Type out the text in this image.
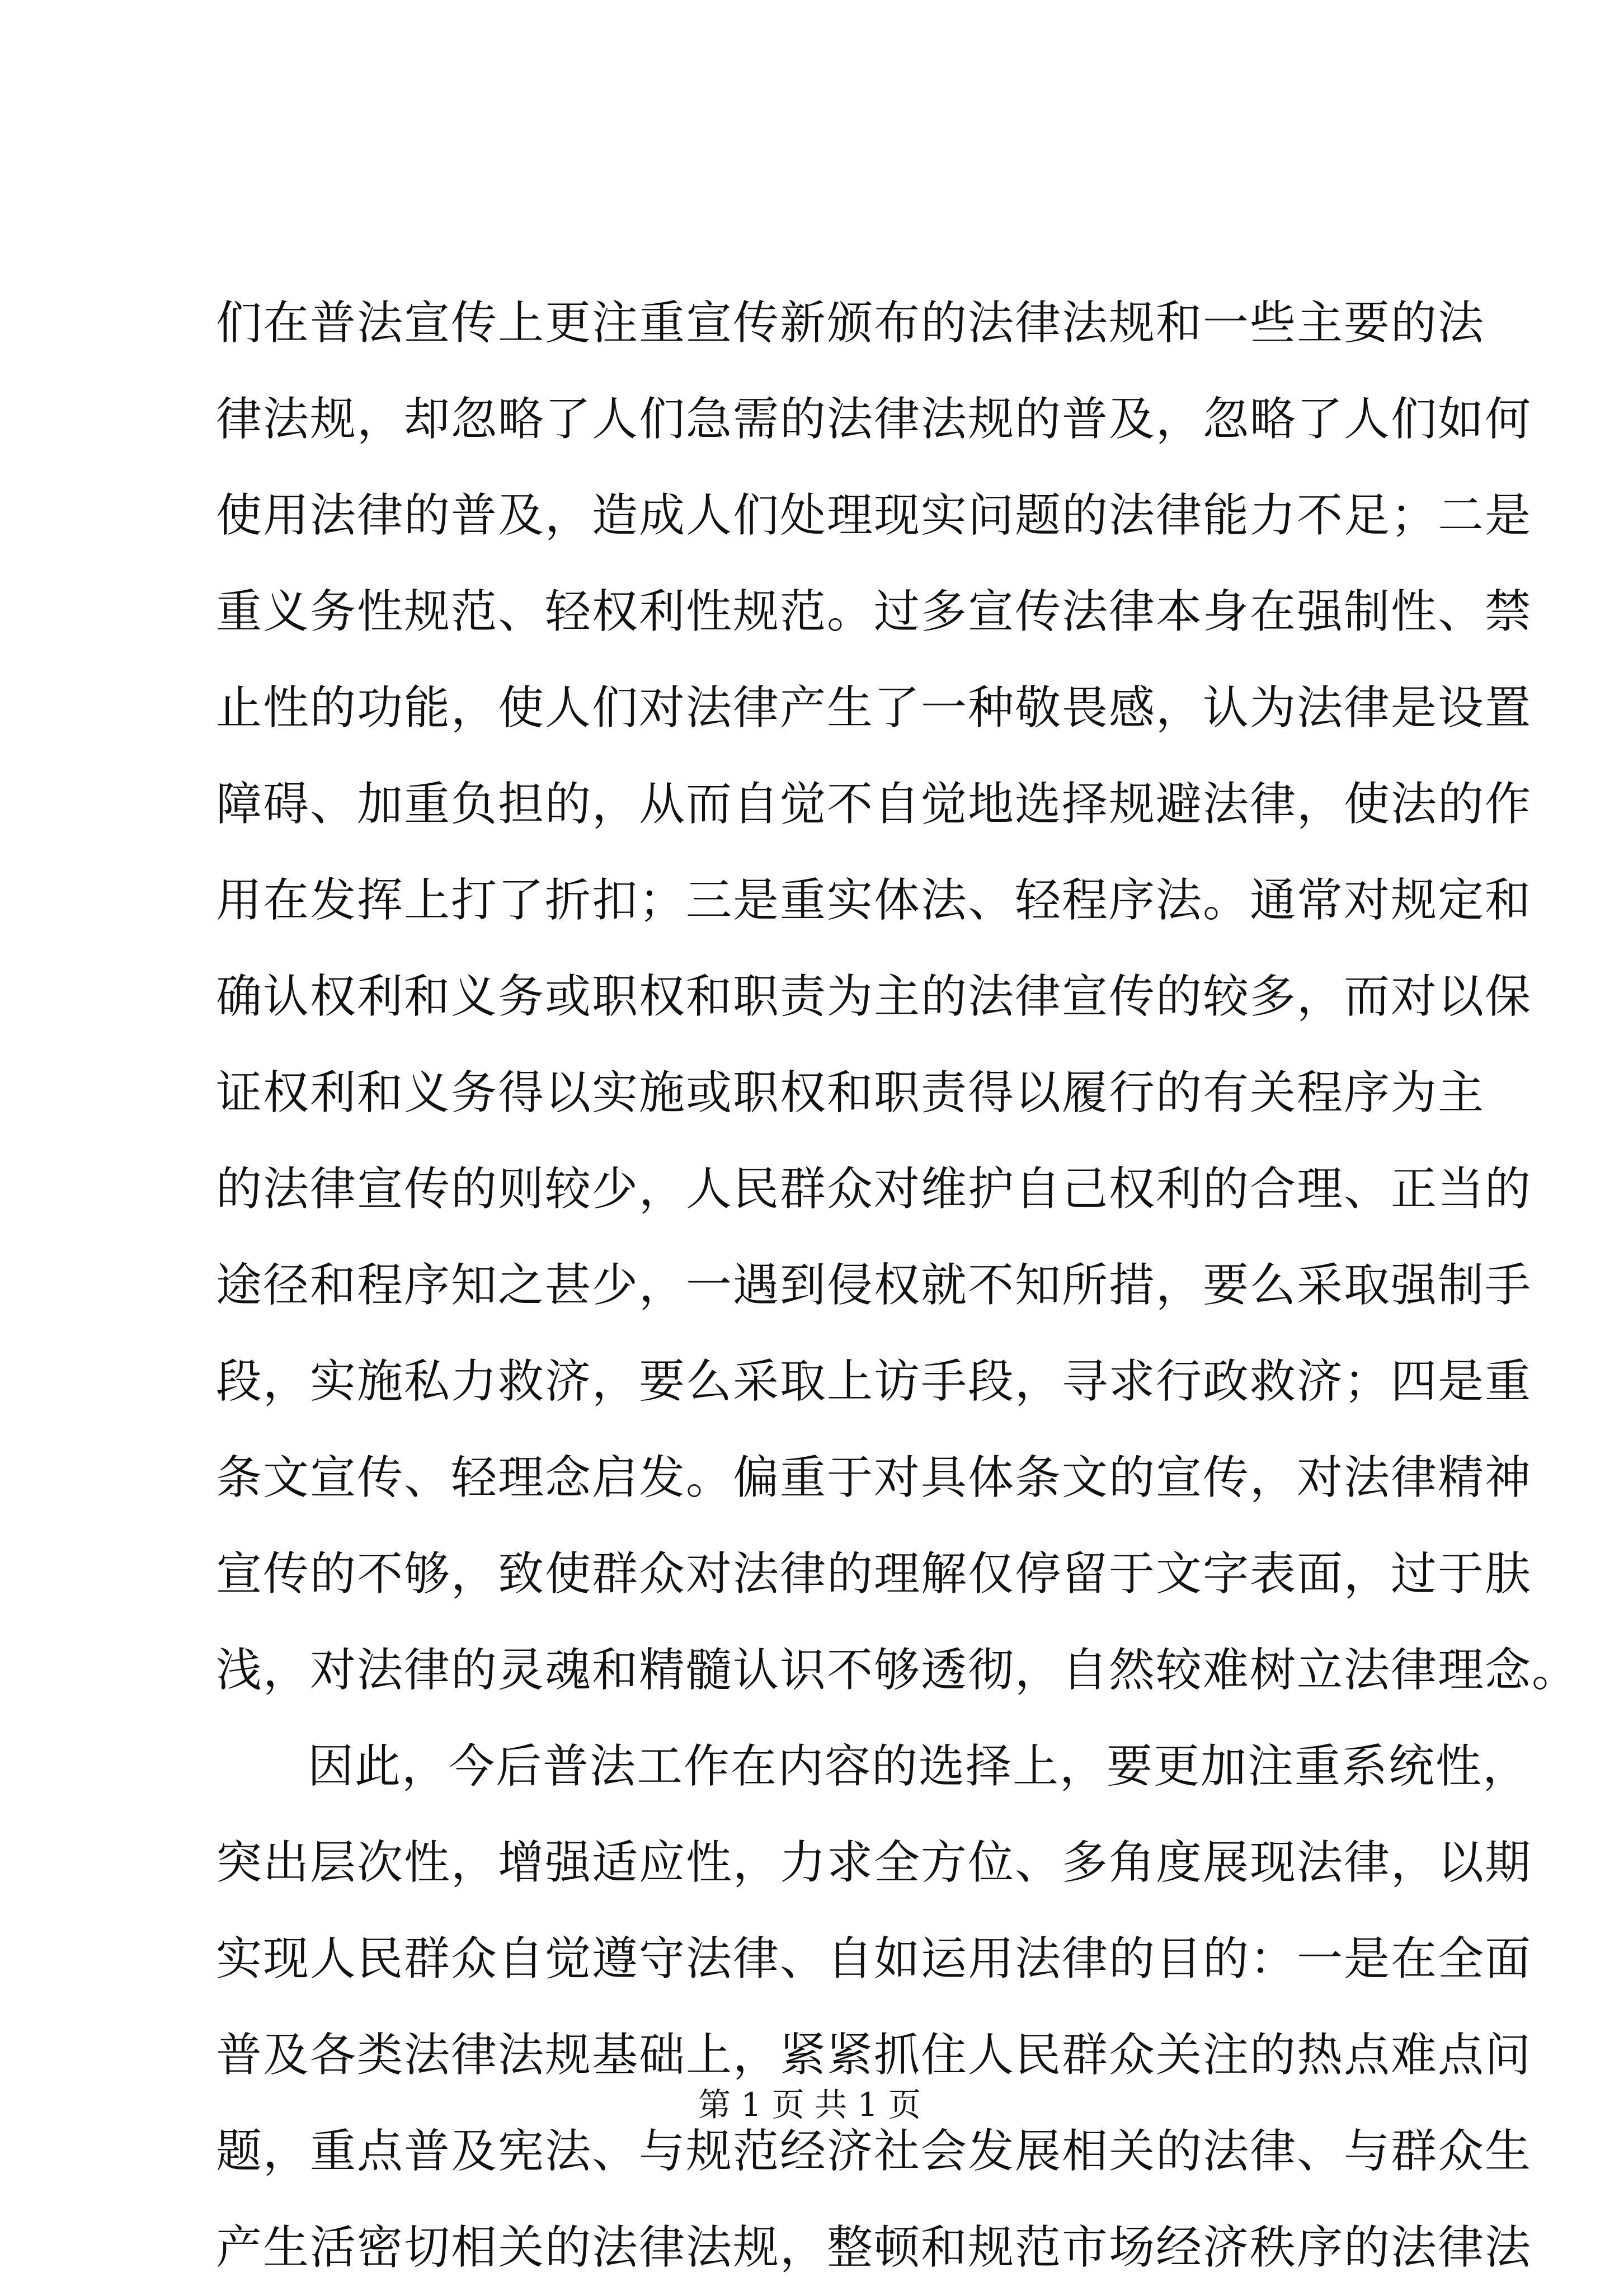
们在普法宣传上更注重宣传新颁布的法律法规和一些主要的法
律法规，却忽略了人们急需的法律法规的普及，忽略了人们如何
使用法律的普及，造成人们处理现实问题的法律能力不足；二是
重义务性规范、轻权利性规范。过多宣传法律本身在强制性、禁
止性的功能，使人们对法律产生了一种敬畏感，认为法律是设置
障碍、加重负担的，从而自觉不自觉地选择规避法律，使法的作
用在发挥上打了折扣；三是重实体法、轻程序法。通常对规定和
确认权利和义务或职权和职责为主的法律宣传的较多，而对以保
证权利和义务得以实施或职权和职责得以履行的有关程序为主
的法律宣传的则较少，人民群众对维护自己权利的合理、正当的
途径和程序知之甚少，一遇到侵权就不知所措，要么采取强制手
段，实施私力救济，要么采取上访手段，寻求行政救济；四是重
条文宣传、轻理念启发。偏重于对具体条文的宣传，对法律精神
宣传的不够，致使群众对法律的理解仅停留于文字表面，过于肤
浅，对法律的灵魂和精髓认识不够透彻，自然较难树立法律理念。
因此，今后普法工作在内容的选择上，要更加注重系统性，
突出层次性，增强适应性，力求全方位、多角度展现法律，以期
实现人民群众自觉遵守法律、自如运用法律的目的：一是在全面
普及各类法律法规基础上，紧紧抓住人民群众关注的热点难点问
题，重点普及宪法、与规范经济社会发展相关的法律、与群众生
产生活密切相关的法律法规，整顿和规范市场经济秩序的法律法
第 1 页 共 1 页
